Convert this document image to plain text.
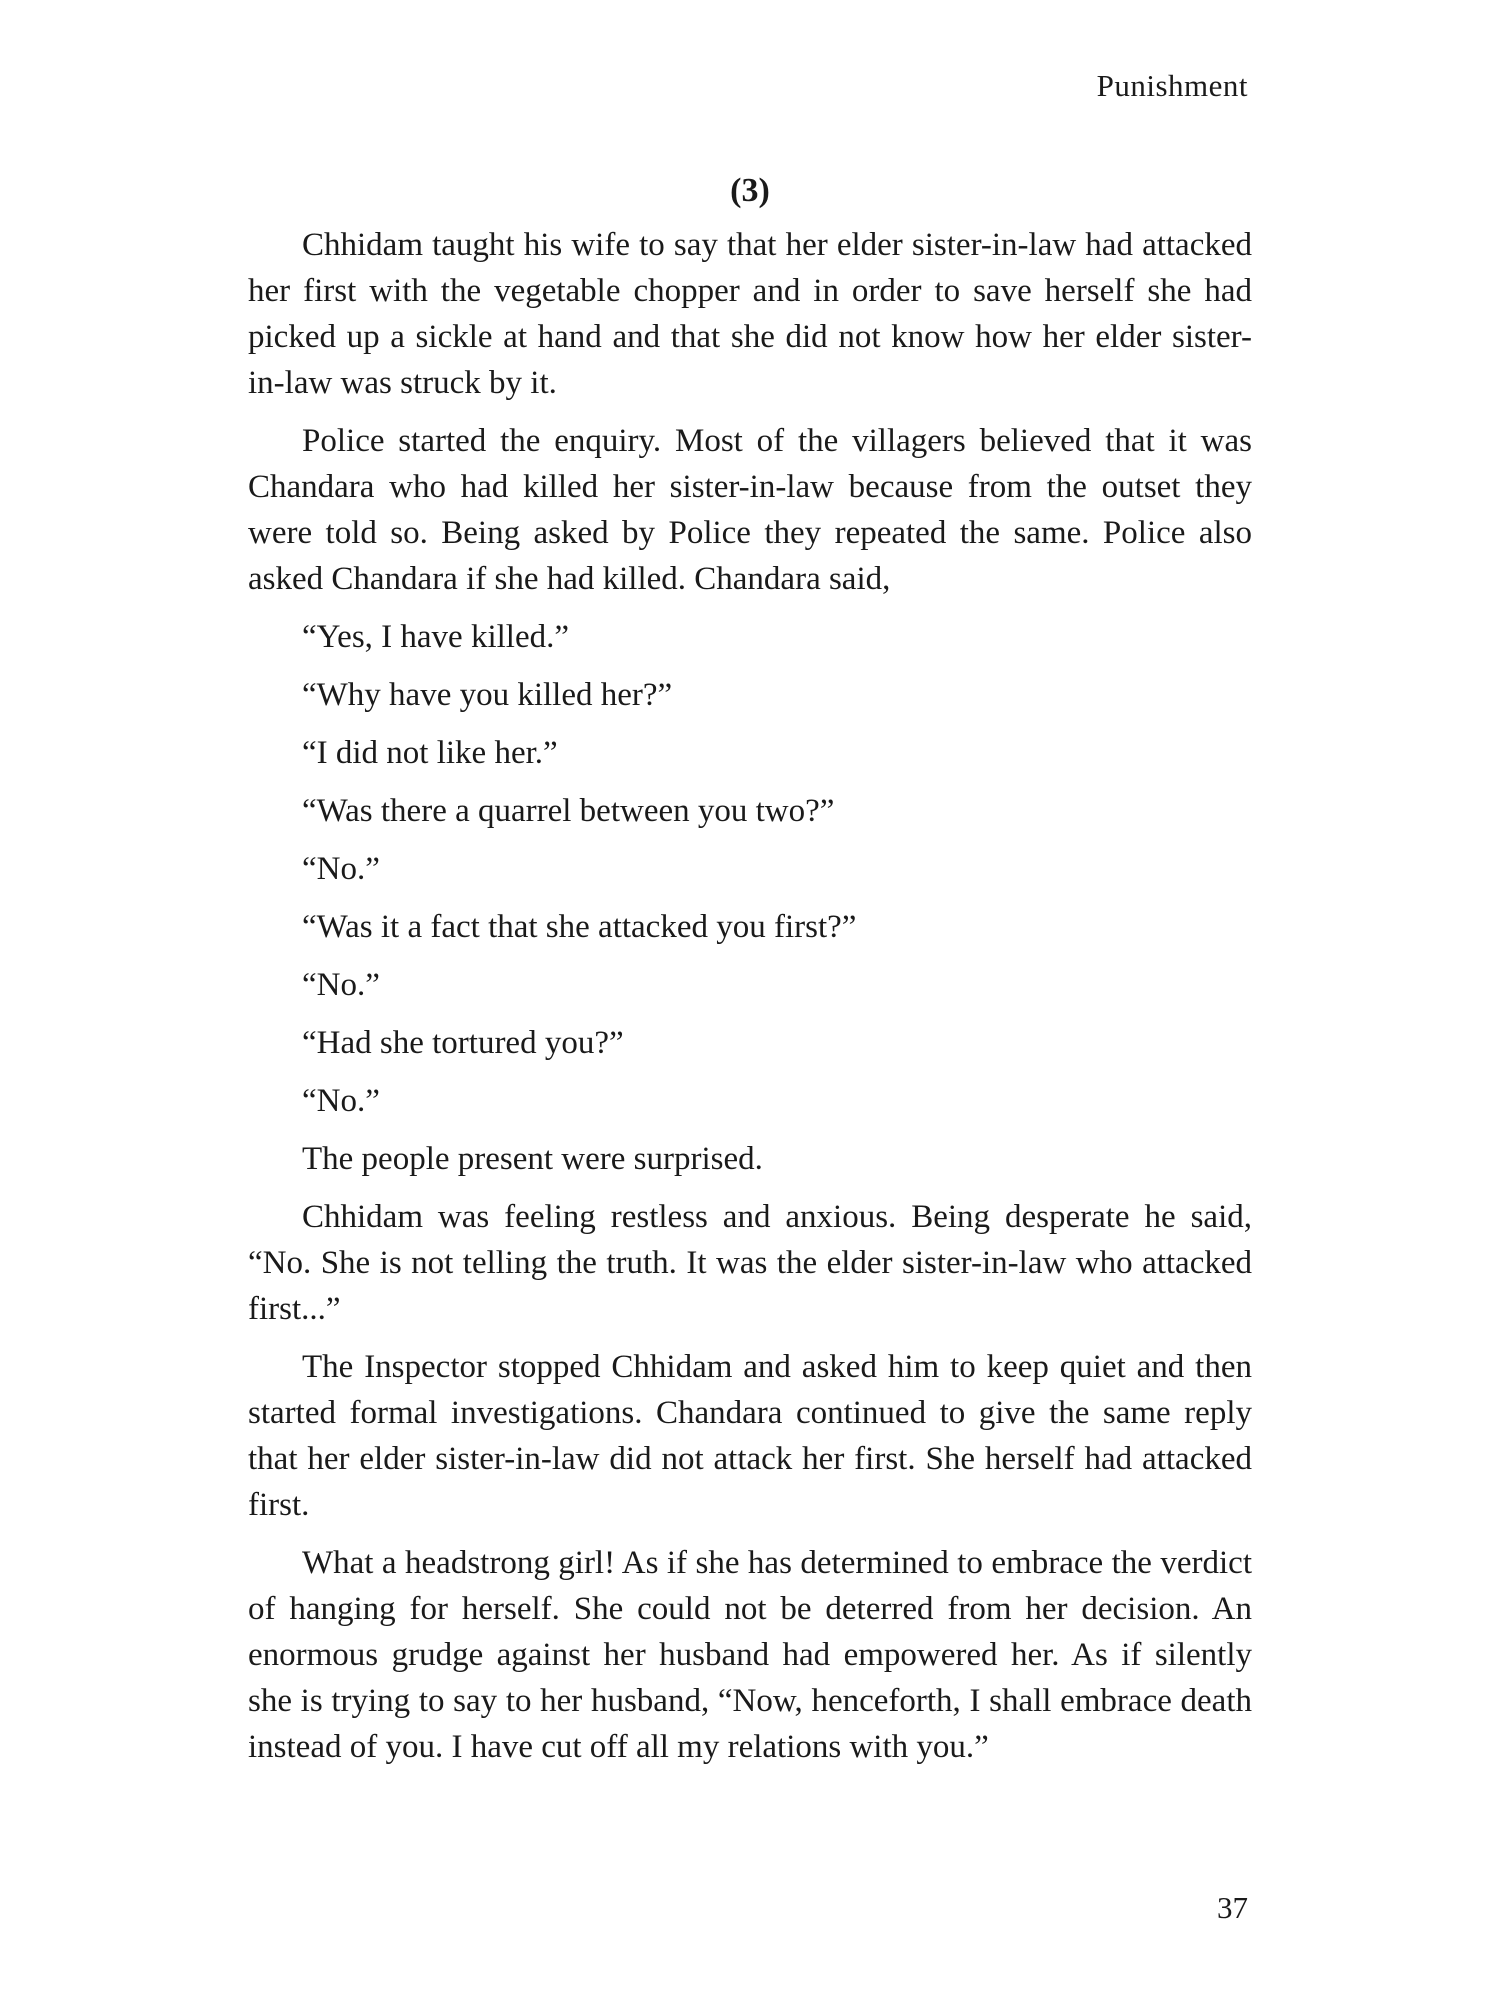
Punishment
(3)

Chhidam taught his wife to say that her elder sister-in-law had attacked her first with the vegetable chopper and in order to save herself she had picked up a sickle at hand and that she did not know how her elder sister-in-law was struck by it.

Police started the enquiry. Most of the villagers believed that it was Chandara who had killed her sister-in-law because from the outset they were told so. Being asked by Police they repeated the same. Police also asked Chandara if she had killed. Chandara said,

“Yes, I have killed.”

“Why have you killed her?”

“I did not like her.”

“Was there a quarrel between you two?”

“No.”

“Was it a fact that she attacked you first?”

“No.”

“Had she tortured you?”

“No.”

The people present were surprised.

Chhidam was feeling restless and anxious. Being desperate he said, “No. She is not telling the truth. It was the elder sister-in-law who attacked first...”

The Inspector stopped Chhidam and asked him to keep quiet and then started formal investigations. Chandara continued to give the same reply that her elder sister-in-law did not attack her first. She herself had attacked first.

What a headstrong girl! As if she has determined to embrace the verdict of hanging for herself. She could not be deterred from her decision. An enormous grudge against her husband had empowered her. As if silently she is trying to say to her husband, “Now, henceforth, I shall embrace death instead of you. I have cut off all my relations with you.”

37
